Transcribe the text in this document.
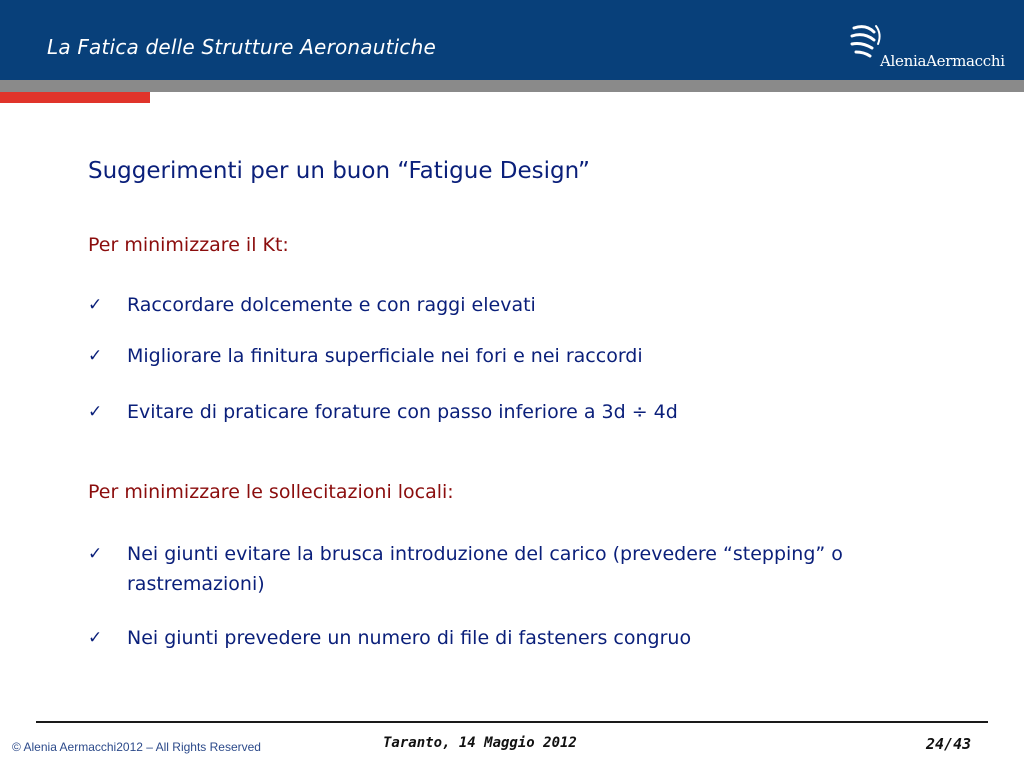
La Fatica delle Strutture Aeronautiche
AleniaAermacchi
Suggerimenti per un buon “Fatigue Design”
Per minimizzare il Kt:
✓ Raccordare dolcemente e con raggi elevati
✓ Migliorare la finitura superficiale nei fori e nei raccordi
✓ Evitare di praticare forature con passo inferiore a 3d ÷ 4d
Per minimizzare le sollecitazioni locali:
✓ Nei giunti evitare la brusca introduzione del carico (prevedere “stepping” o rastremazioni)
✓ Nei giunti prevedere un numero di file di fasteners congruo
© Alenia Aermacchi2012 – All Rights Reserved	Taranto, 14 Maggio 2012	24/43
